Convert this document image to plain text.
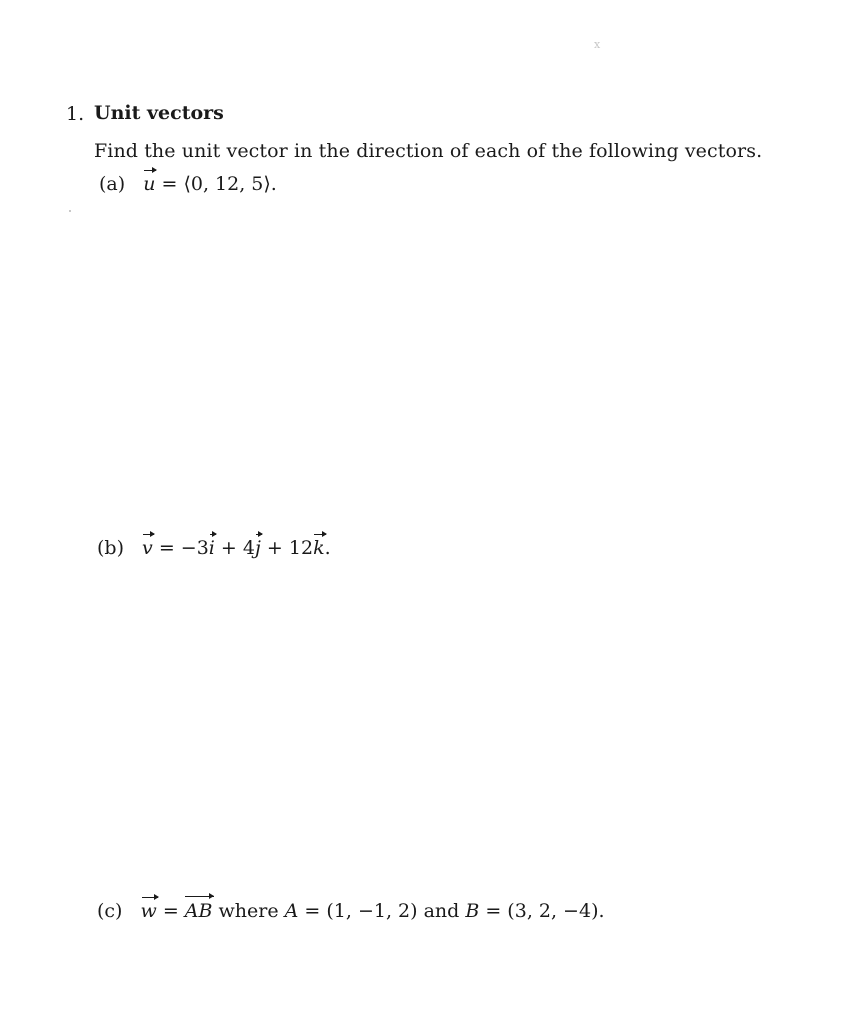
x
1. Unit vectors
Find the unit vector in the direction of each of the following vectors.
(a) u = ⟨0, 12, 5⟩.
(b) v = −3i + 4j + 12k.
(c) w = AB where A = (1, −1, 2) and B = (3, 2, −4).
